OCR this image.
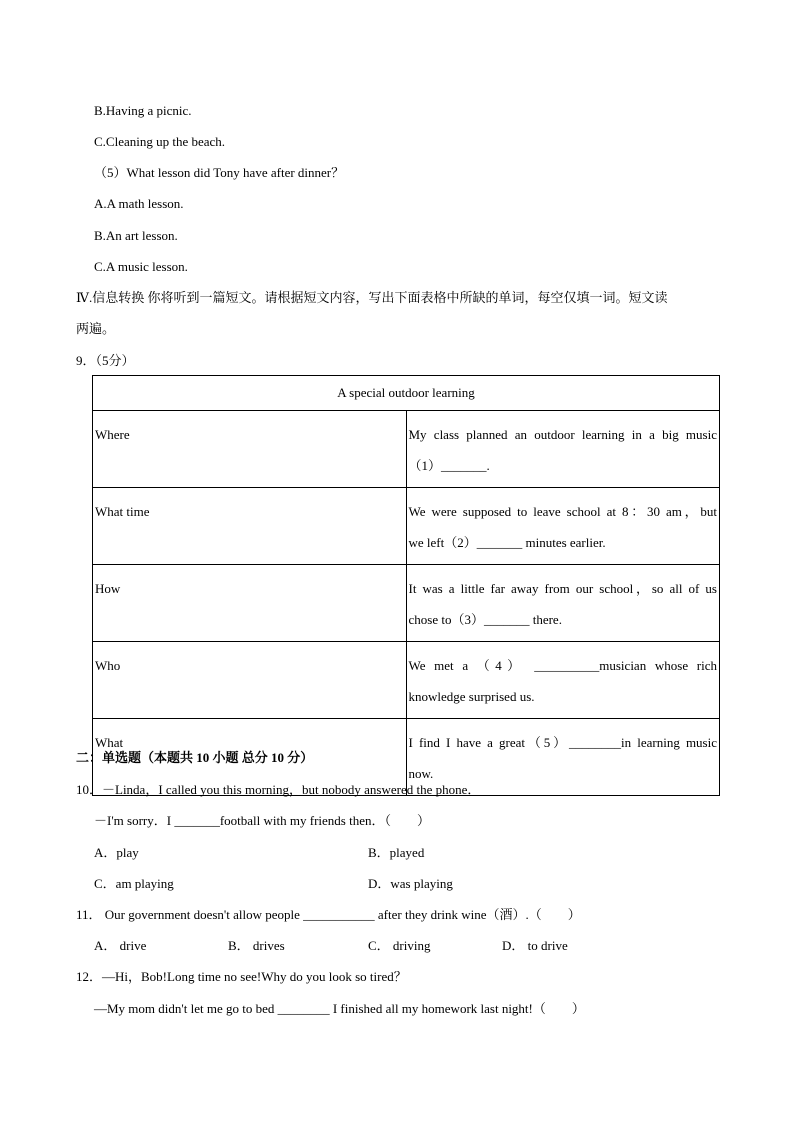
B.Having a picnic.
C.Cleaning up the beach.
（5）What lesson did Tony have after dinner？
A.A math lesson.
B.An art lesson.
C.A music lesson.
Ⅳ.信息转换 你将听到一篇短文。请根据短文内容，写出下面表格中所缺的单词，每空仅填一词。短文读
两遍。
9．（5分）
A special outdoor learning	
Where	My class planned an outdoor learning in a big music
（1）_______.

What time	We were supposed to leave school at 8：30 am，but
we left（2）_______ minutes earlier.

How	It was a little far away from our school，so all of us
chose to（3）_______ there.

Who	We met a （4） __________musician whose rich
knowledge surprised us.

What	I find I have a great（5）________in learning music
now.
二：单选题（本题共 10 小题 总分 10 分）
10．－Linda，I called you this morning，but nobody answered the phone．
－I'm sorry．I _______football with my friends then．（　　）
A．play	B．played
C．am playing	D．was playing
11． Our government doesn't allow people ___________ after they drink wine（酒）.（　　）
A． drive	B． drives	C． driving	D． to drive
12．—Hi，Bob!Long time no see!Why do you look so tired？
—My mom didn't let me go to bed ________ I finished all my homework last night!（　　）
